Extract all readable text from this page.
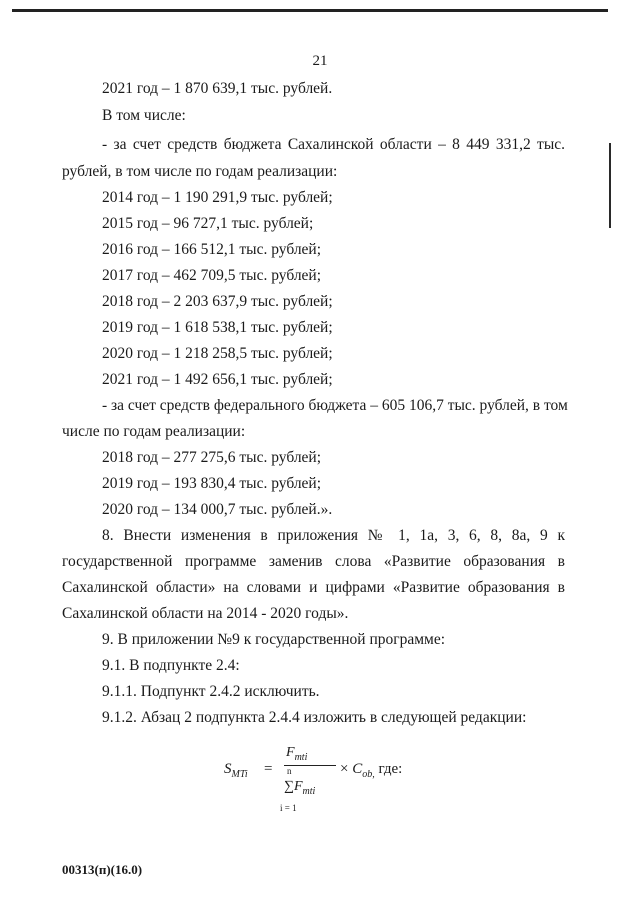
21
2021 год – 1 870 639,1 тыс. рублей.
В том числе:
- за счет средств бюджета Сахалинской области – 8 449 331,2 тыс.
рублей, в том числе по годам реализации:
2014 год – 1 190 291,9 тыс. рублей;
2015 год – 96 727,1 тыс. рублей;
2016 год – 166 512,1 тыс. рублей;
2017 год – 462 709,5 тыс. рублей;
2018 год – 2 203 637,9 тыс. рублей;
2019 год – 1 618 538,1 тыс. рублей;
2020 год – 1 218 258,5 тыс. рублей;
2021 год – 1 492 656,1 тыс. рублей;
- за счет средств федерального бюджета – 605 106,7 тыс. рублей, в том
числе по годам реализации:
2018 год – 277 275,6 тыс. рублей;
2019 год – 193 830,4 тыс. рублей;
2020 год – 134 000,7 тыс. рублей.».
8. Внести изменения в приложения № 1, 1а, 3, 6, 8, 8а, 9 к
государственной программе заменив слова «Развитие образования в
Сахалинской области» на словами и цифрами «Развитие образования в
Сахалинской области на 2014 - 2020 годы».
9. В приложении №9 к государственной программе:
9.1. В подпункте 2.4:
9.1.1. Подпункт 2.4.2 исключить.
9.1.2. Абзац 2 подпункта 2.4.4 изложить в следующей редакции:
$S_{MTi}$ =
$F_{mti}$
n
$\sum F_{mti}$
i = 1
× $C_{ob,}$ где:
00313(п)(16.0)
